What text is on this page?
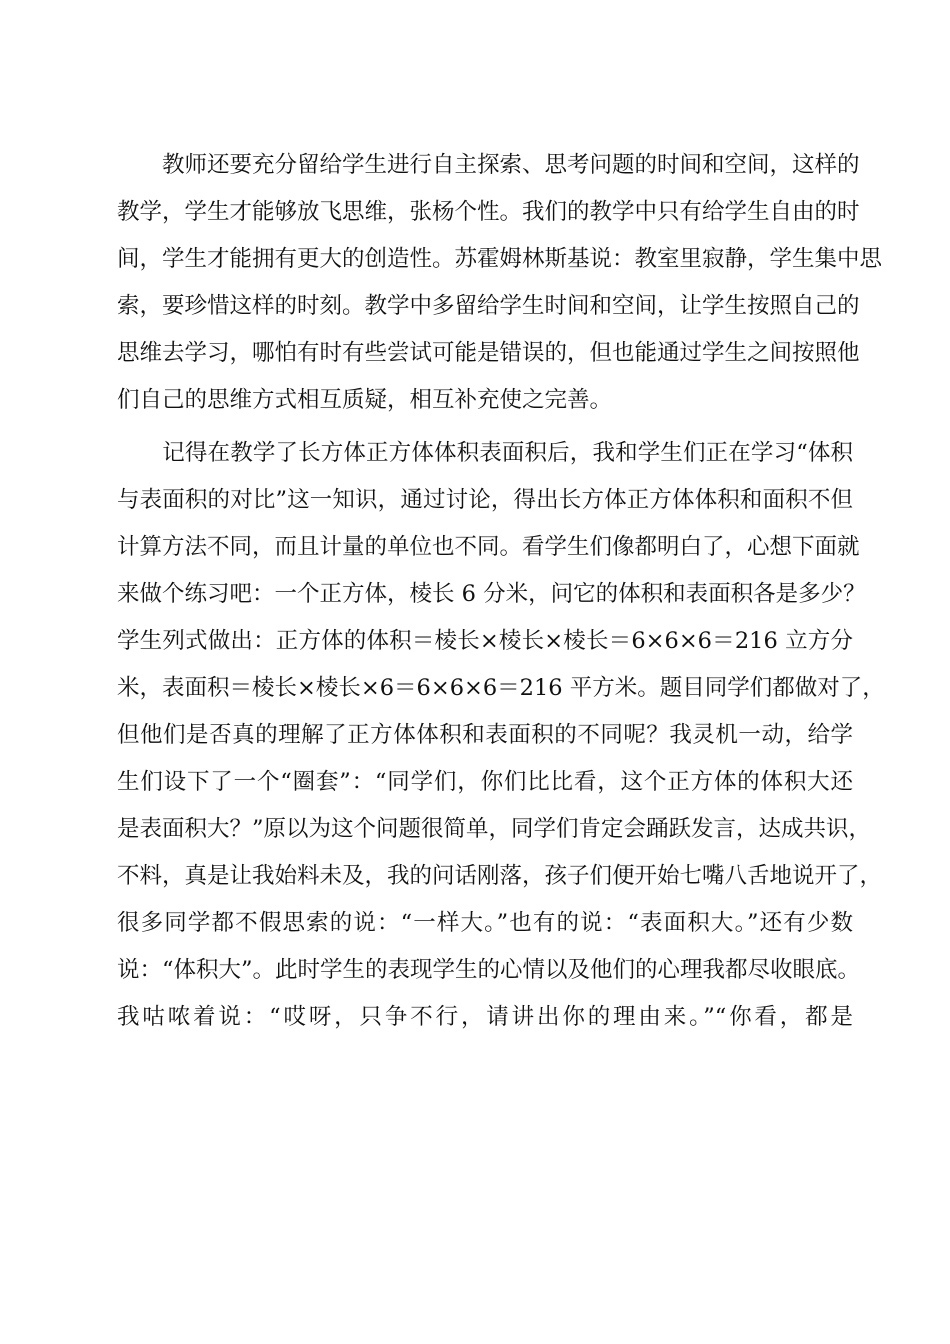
　　教师还要充分留给学生进行自主探索、思考问题的时间和空间，这样的
教学，学生才能够放飞思维，张杨个性。我们的教学中只有给学生自由的时
间，学生才能拥有更大的创造性。苏霍姆林斯基说：教室里寂静，学生集中思
索，要珍惜这样的时刻。教学中多留给学生时间和空间，让学生按照自己的
思维去学习，哪怕有时有些尝试可能是错误的，但也能通过学生之间按照他
们自己的思维方式相互质疑，相互补充使之完善。

　　记得在教学了长方体正方体体积表面积后，我和学生们正在学习“体积
与表面积的对比”这一知识，通过讨论，得出长方体正方体体积和面积不但
计算方法不同，而且计量的单位也不同。看学生们像都明白了，心想下面就
来做个练习吧：一个正方体，棱长 6 分米，问它的体积和表面积各是多少？
学生列式做出：正方体的体积＝棱长×棱长×棱长＝6×6×6＝216 立方分
米，表面积＝棱长×棱长×6＝6×6×6＝216 平方米。题目同学们都做对了，
但他们是否真的理解了正方体体积和表面积的不同呢？我灵机一动，给学
生们设下了一个“圈套”：“同学们，你们比比看，这个正方体的体积大还
是表面积大？”原以为这个问题很简单，同学们肯定会踊跃发言，达成共识，
不料，真是让我始料未及，我的问话刚落，孩子们便开始七嘴八舌地说开了，
很多同学都不假思索的说：“一样大。”也有的说：“表面积大。”还有少数
说：“体积大”。此时学生的表现学生的心情以及他们的心理我都尽收眼底。
我咕哝着说：“哎呀，只争不行，请讲出你的理由来。”“你看，都是
